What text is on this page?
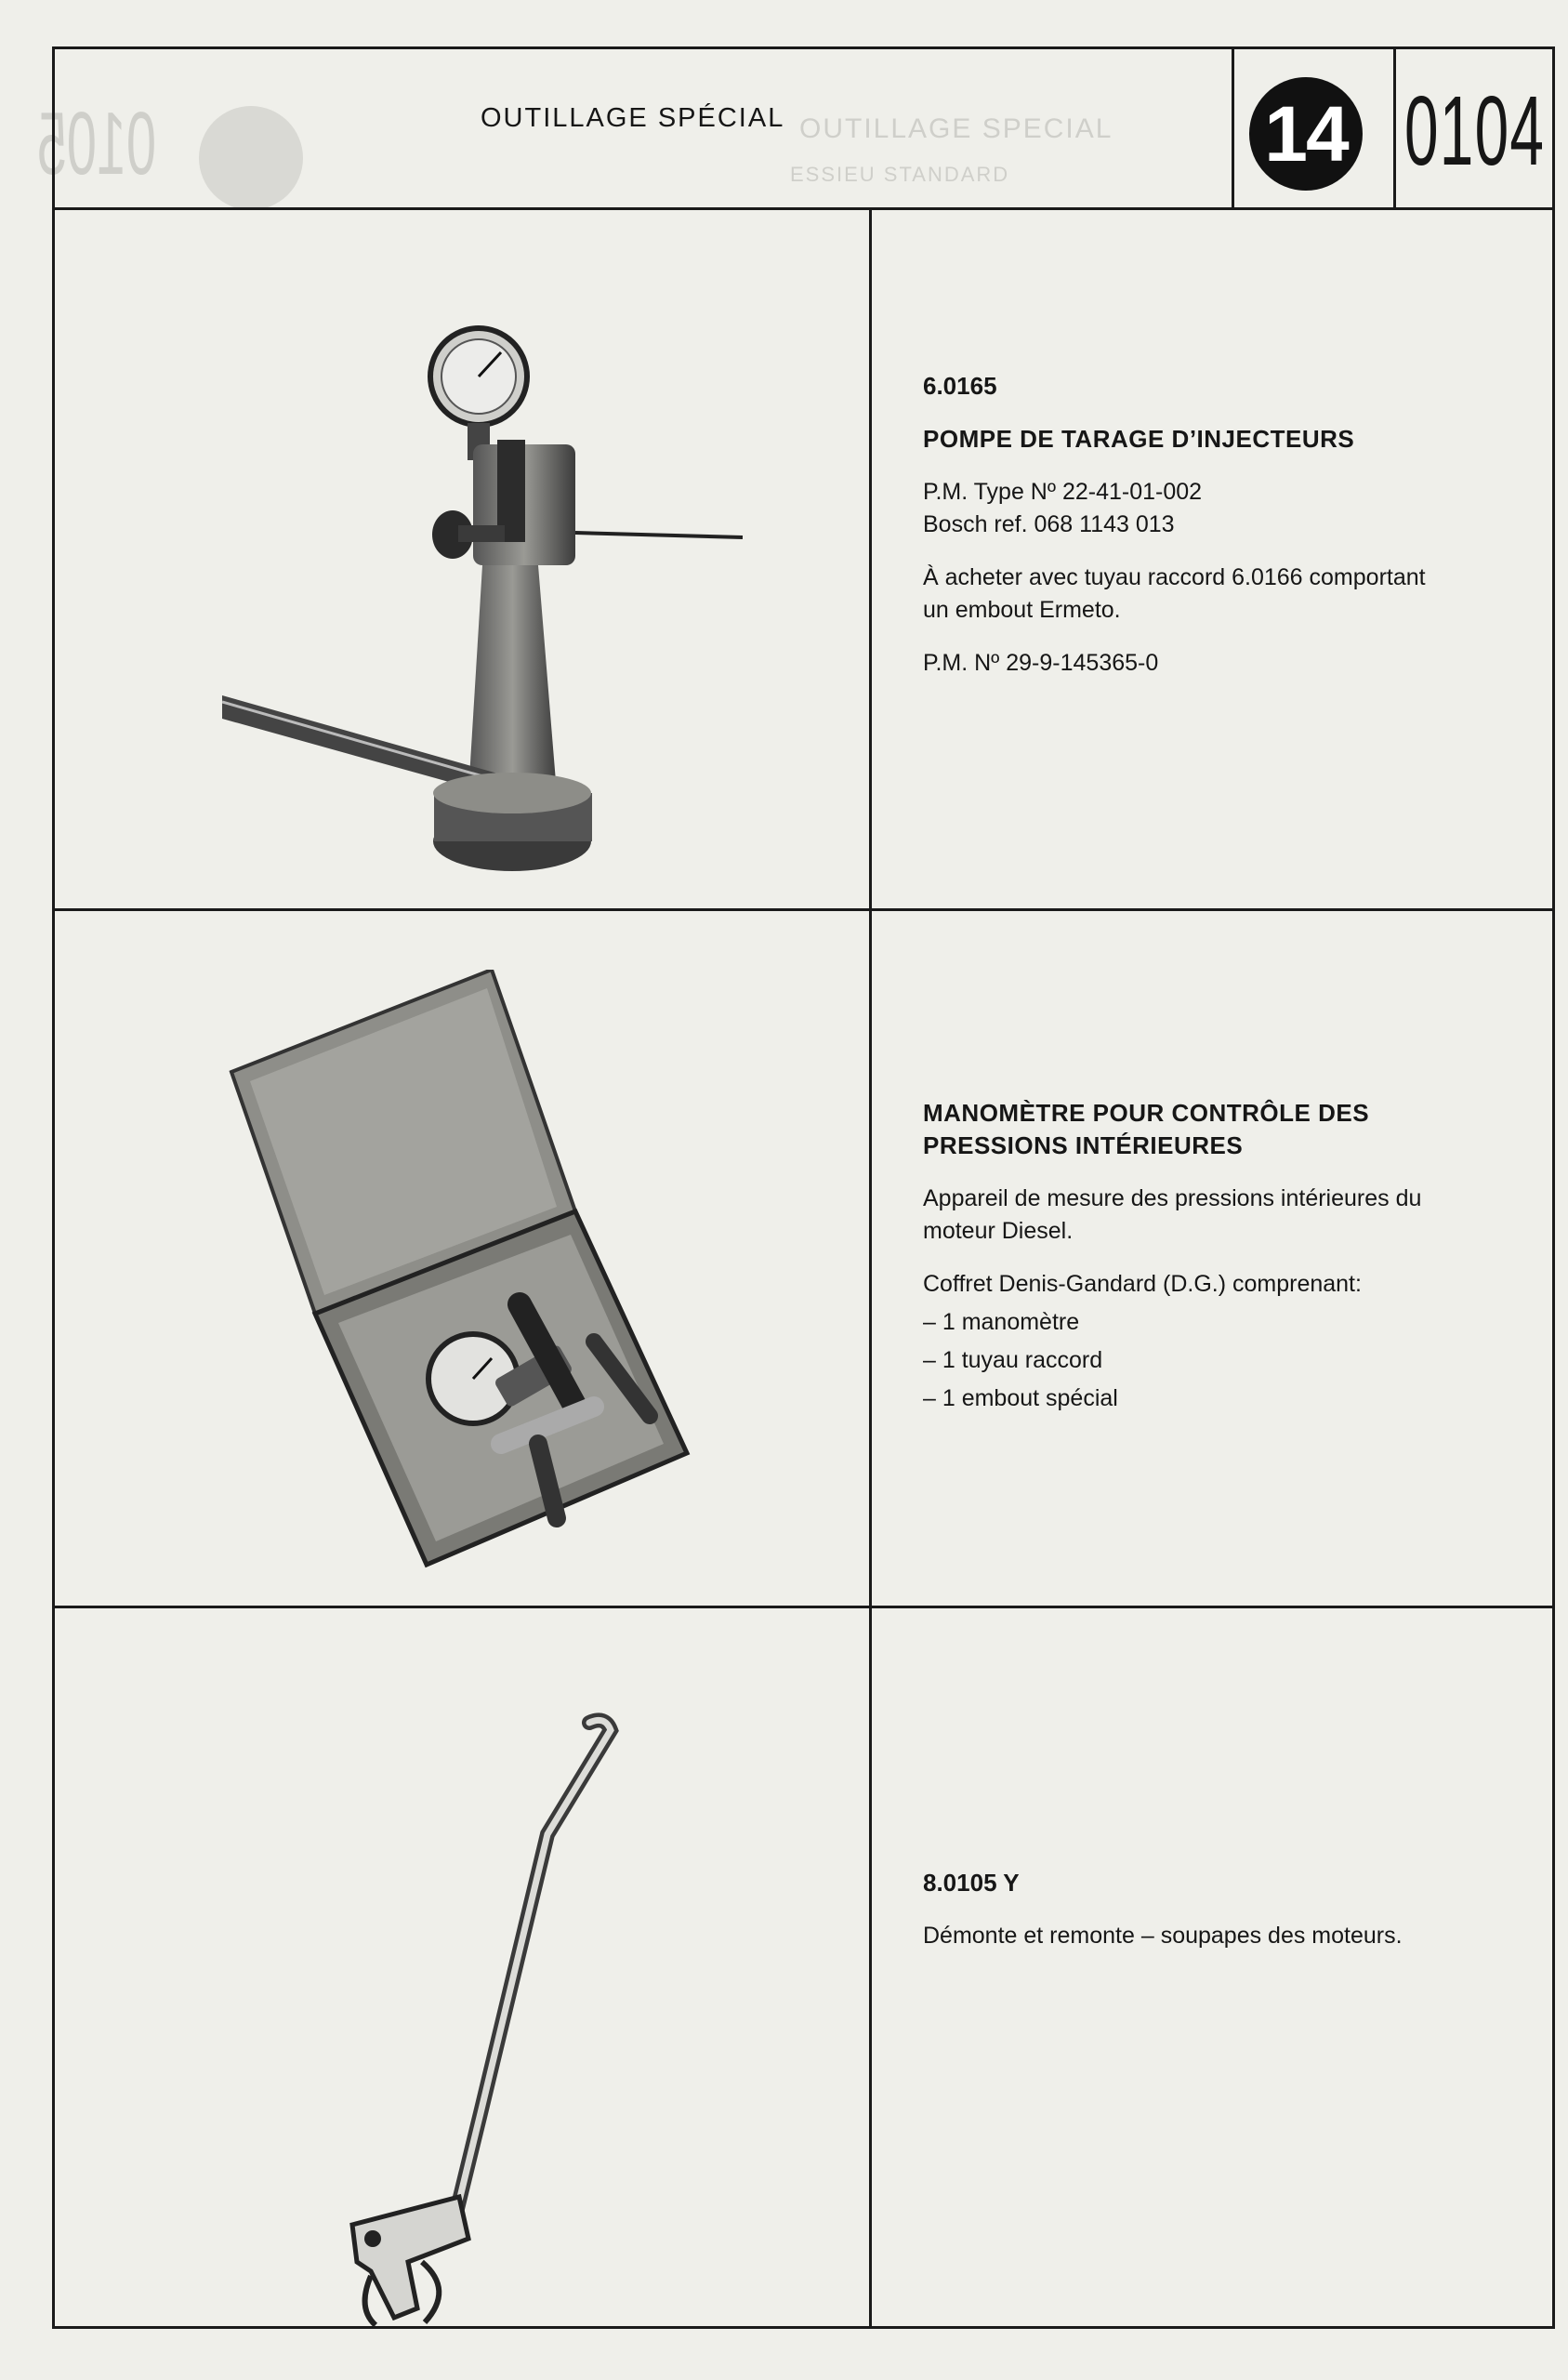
OUTILLAGE SPECIAL
ESSIEU STANDARD
0105	OUTILLAGE SPÉCIAL	14 0104

6.0165

POMPE DE TARAGE D’INJECTEURS

P.M. Type Nº 22-41-01-002

Bosch ref. 068 1143 013

À acheter avec tuyau raccord 6.0166 comportant

un embout Ermeto.

P.M. Nº 29-9-145365-0

MANOMÈTRE POUR CONTRÔLE DES

PRESSIONS INTÉRIEURES

Appareil de mesure des pressions intérieures du

moteur Diesel.

Coffret Denis-Gandard (D.G.) comprenant:

– 1 manomètre

– 1 tuyau raccord

– 1 embout spécial

8.0105 Y

Démonte et remonte – soupapes des moteurs.
